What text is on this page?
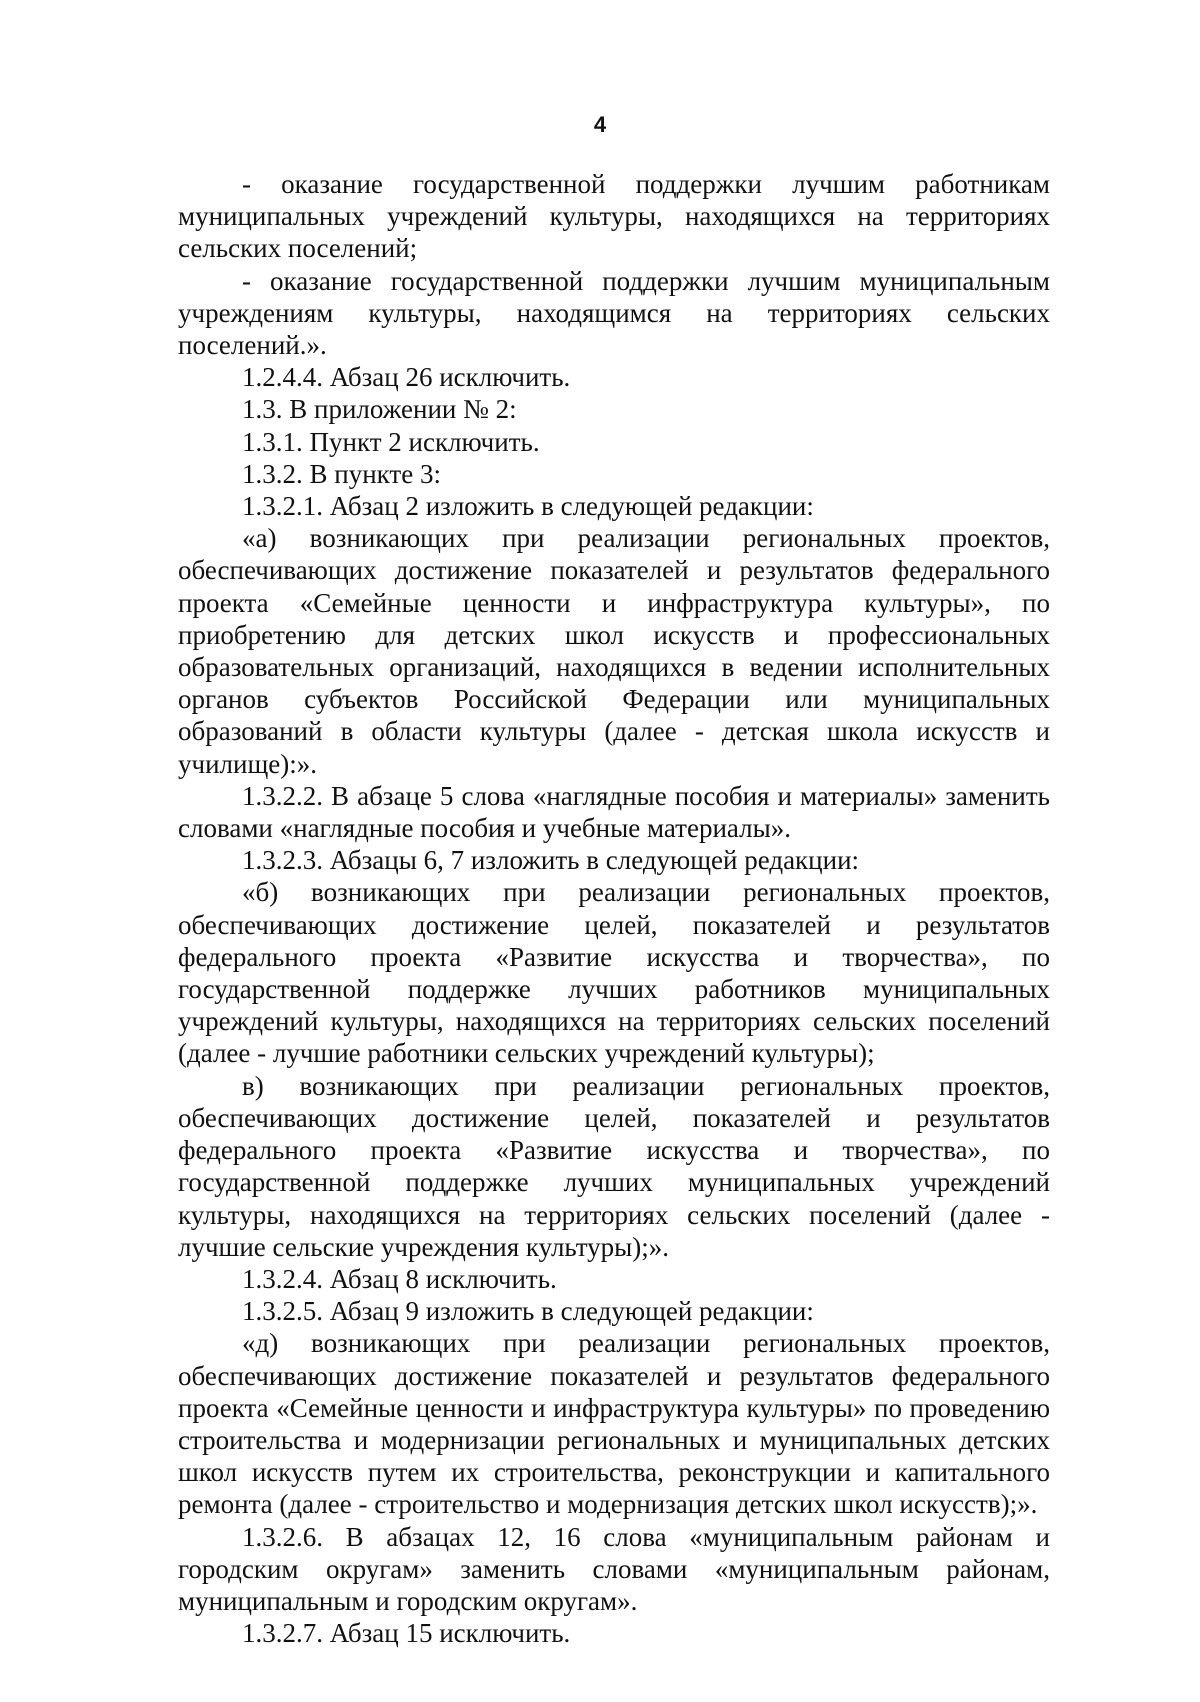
4

- оказание государственной поддержки лучшим работникам муниципальных учреждений культуры, находящихся на территориях сельских поселений;

- оказание государственной поддержки лучшим муниципальным учреждениям культуры, находящимся на территориях сельских поселений.».

1.2.4.4. Абзац 26 исключить.

1.3. В приложении № 2:

1.3.1. Пункт 2 исключить.

1.3.2. В пункте 3:

1.3.2.1. Абзац 2 изложить в следующей редакции:

«а) возникающих при реализации региональных проектов, обеспечивающих достижение показателей и результатов федерального проекта «Семейные ценности и инфраструктура культуры», по приобретению для детских школ искусств и профессиональных образовательных организаций, находящихся в ведении исполнительных органов субъектов Российской Федерации или муниципальных образований в области культуры (далее - детская школа искусств и училище):».

1.3.2.2. В абзаце 5 слова «наглядные пособия и материалы» заменить словами «наглядные пособия и учебные материалы».

1.3.2.3. Абзацы 6, 7 изложить в следующей редакции:

«б) возникающих при реализации региональных проектов, обеспечивающих достижение целей, показателей и результатов федерального проекта «Развитие искусства и творчества», по государственной поддержке лучших работников муниципальных учреждений культуры, находящихся на территориях сельских поселений (далее - лучшие работники сельских учреждений культуры);

в) возникающих при реализации региональных проектов, обеспечивающих достижение целей, показателей и результатов федерального проекта «Развитие искусства и творчества», по государственной поддержке лучших муниципальных учреждений культуры, находящихся на территориях сельских поселений (далее - лучшие сельские учреждения культуры);».

1.3.2.4. Абзац 8 исключить.

1.3.2.5. Абзац 9 изложить в следующей редакции:

«д) возникающих при реализации региональных проектов, обеспечивающих достижение показателей и результатов федерального проекта «Семейные ценности и инфраструктура культуры» по проведению строительства и модернизации региональных и муниципальных детских школ искусств путем их строительства, реконструкции и капитального ремонта (далее - строительство и модернизация детских школ искусств);».

1.3.2.6. В абзацах 12, 16 слова «муниципальным районам и городским округам» заменить словами «муниципальным районам, муниципальным и городским округам».

1.3.2.7. Абзац 15 исключить.
